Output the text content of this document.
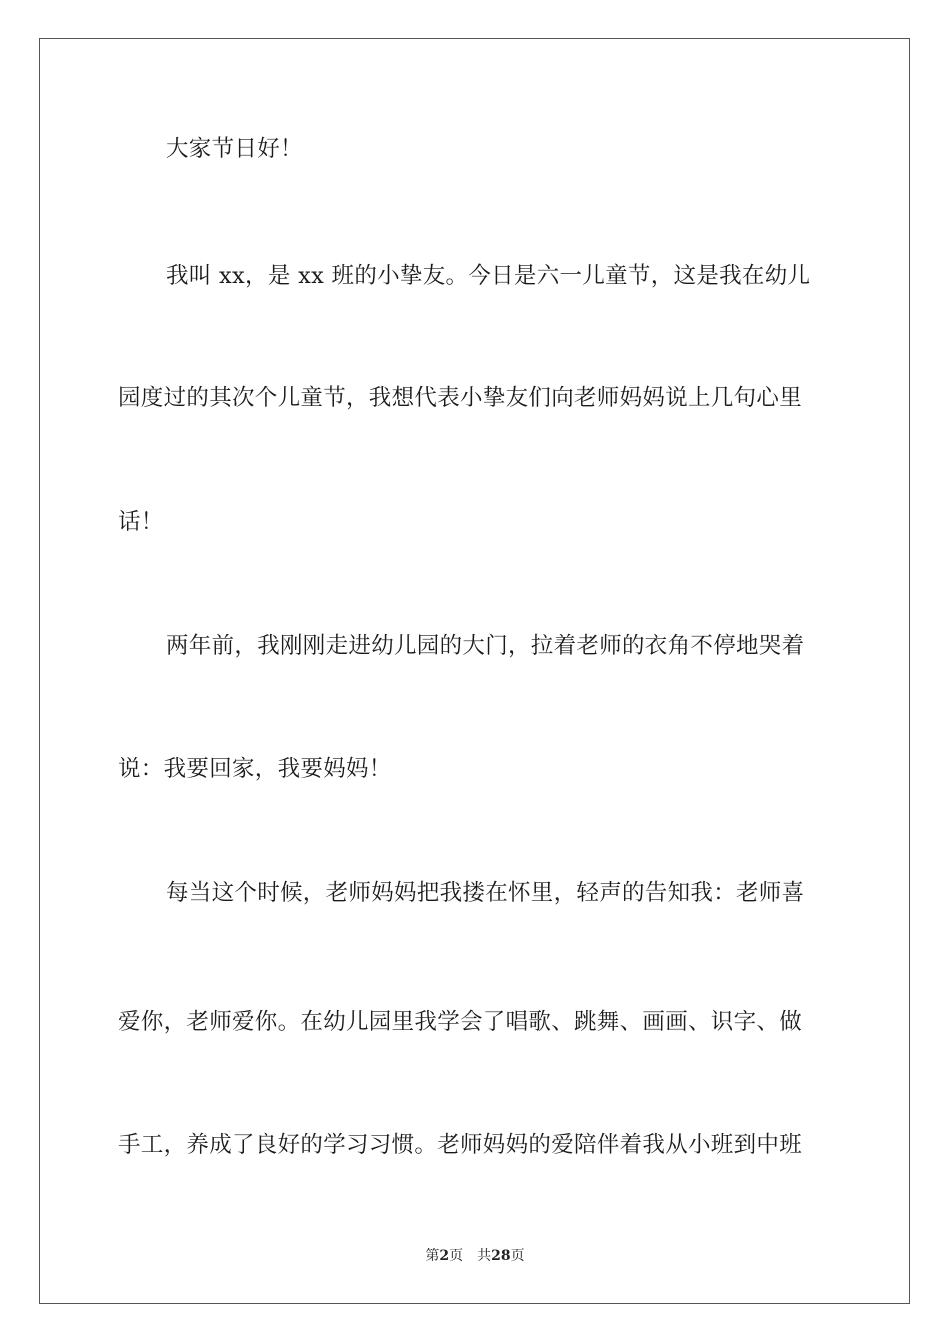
大家节日好！
我叫 xx，是 xx 班的小挚友。今日是六一儿童节，这是我在幼儿
园度过的其次个儿童节，我想代表小挚友们向老师妈妈说上几句心里
话！
两年前，我刚刚走进幼儿园的大门，拉着老师的衣角不停地哭着
说：我要回家，我要妈妈！
每当这个时候，老师妈妈把我搂在怀里，轻声的告知我：老师喜
爱你，老师爱你。在幼儿园里我学会了唱歌、跳舞、画画、识字、做
手工，养成了良好的学习习惯。老师妈妈的爱陪伴着我从小班到中班
第2页 共28页
